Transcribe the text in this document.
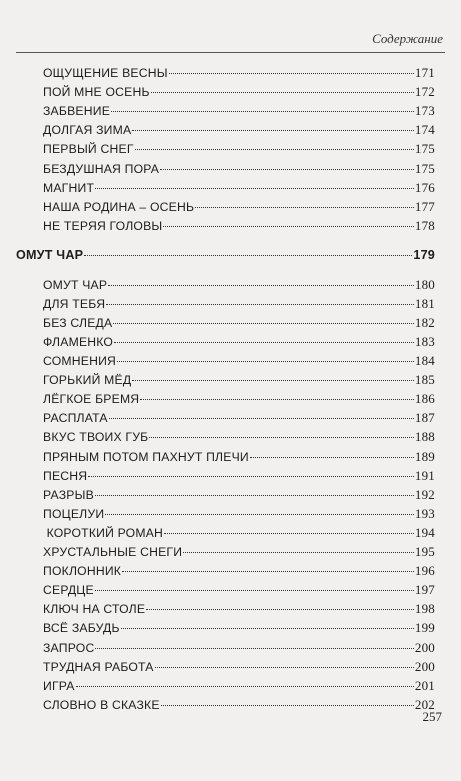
Содержание
ОЩУЩЕНИЕ ВЕСНЫ	171
ПОЙ МНЕ ОСЕНЬ	172
ЗАБВЕНИЕ	173
ДОЛГАЯ ЗИМА	174
ПЕРВЫЙ СНЕГ	175
БЕЗДУШНАЯ ПОРА	175
МАГНИТ	176
НАША РОДИНА – ОСЕНЬ	177
НЕ ТЕРЯЯ ГОЛОВЫ	178
ОМУТ ЧАР	179
ОМУТ ЧАР	180
ДЛЯ ТЕБЯ	181
БЕЗ СЛЕДА	182
ФЛАМЕНКО	183
СОМНЕНИЯ	184
ГОРЬКИЙ МЁД	185
ЛЁГКОЕ БРЕМЯ	186
РАСПЛАТА	187
ВКУС ТВОИХ ГУБ	188
ПРЯНЫМ ПОТОМ ПАХНУТ ПЛЕЧИ	189
ПЕСНЯ	191
РАЗРЫВ	192
ПОЦЕЛУИ	193
КОРОТКИЙ РОМАН	194
ХРУСТАЛЬНЫЕ СНЕГИ	195
ПОКЛОННИК	196
СЕРДЦЕ	197
КЛЮЧ НА СТОЛЕ	198
ВСЁ ЗАБУДЬ	199
ЗАПРОС	200
ТРУДНАЯ РАБОТА	200
ИГРА	201
СЛОВНО В СКАЗКЕ	202
257
